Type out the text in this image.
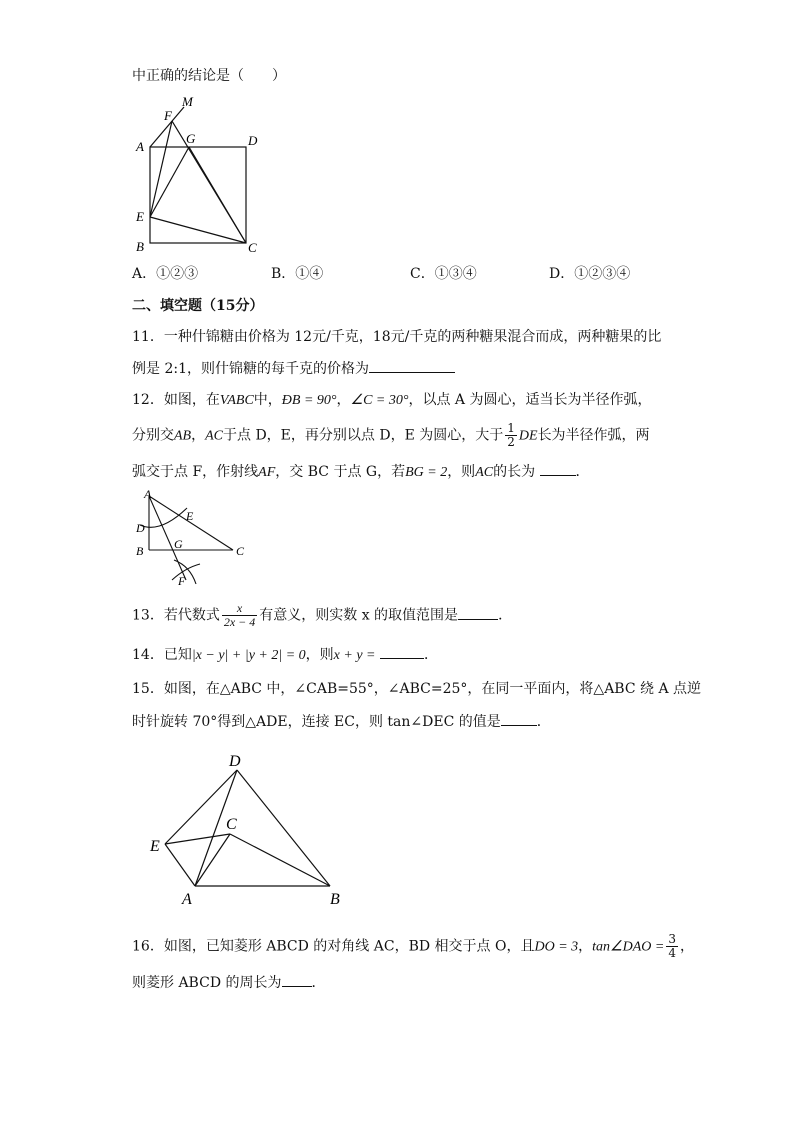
中正确的结论是（　　）
M
F
A
G	D
E
B	C
A．①②③	B．①④	C．①③④	D．①②③④
二、填空题（15分）
11．一种什锦糖由价格为 12元/千克，18元/千克的两种糖果混合而成，两种糖果的比
例是 2:1，则什锦糖的每千克的价格为
12．如图，在VABC中，ÐB = 90°，∠C = 30°，以点 A 为圆心，适当长为半径作弧，
分别交AB，AC于点 D，E，再分别以点 D，E 为圆心，大于 $\frac{1}{2}$ DE长为半径作弧，两
弧交于点 F，作射线AF，交 BC 于点 G，若BG = 2，则AC的长为	．
A
D
E
B	G	C
F
13．若代数式 $\frac{x}{2x - 4}$ 有意义，则实数 x 的取值范围是	．
14．已知|x − y| + |y + 2| = 0，则x + y =	．
15．如图，在△ABC 中，∠CAB=55°，∠ABC=25°，在同一平面内，将△ABC 绕 A 点逆
时针旋转 70°得到△ADE，连接 EC，则 tan∠DEC 的值是	．
D
C
E
A	B
16．如图，已知菱形 ABCD 的对角线 AC，BD 相交于点 O，且DO = 3，tan∠DAO = $\frac{3}{4}$ ，
则菱形 ABCD 的周长为 ．
